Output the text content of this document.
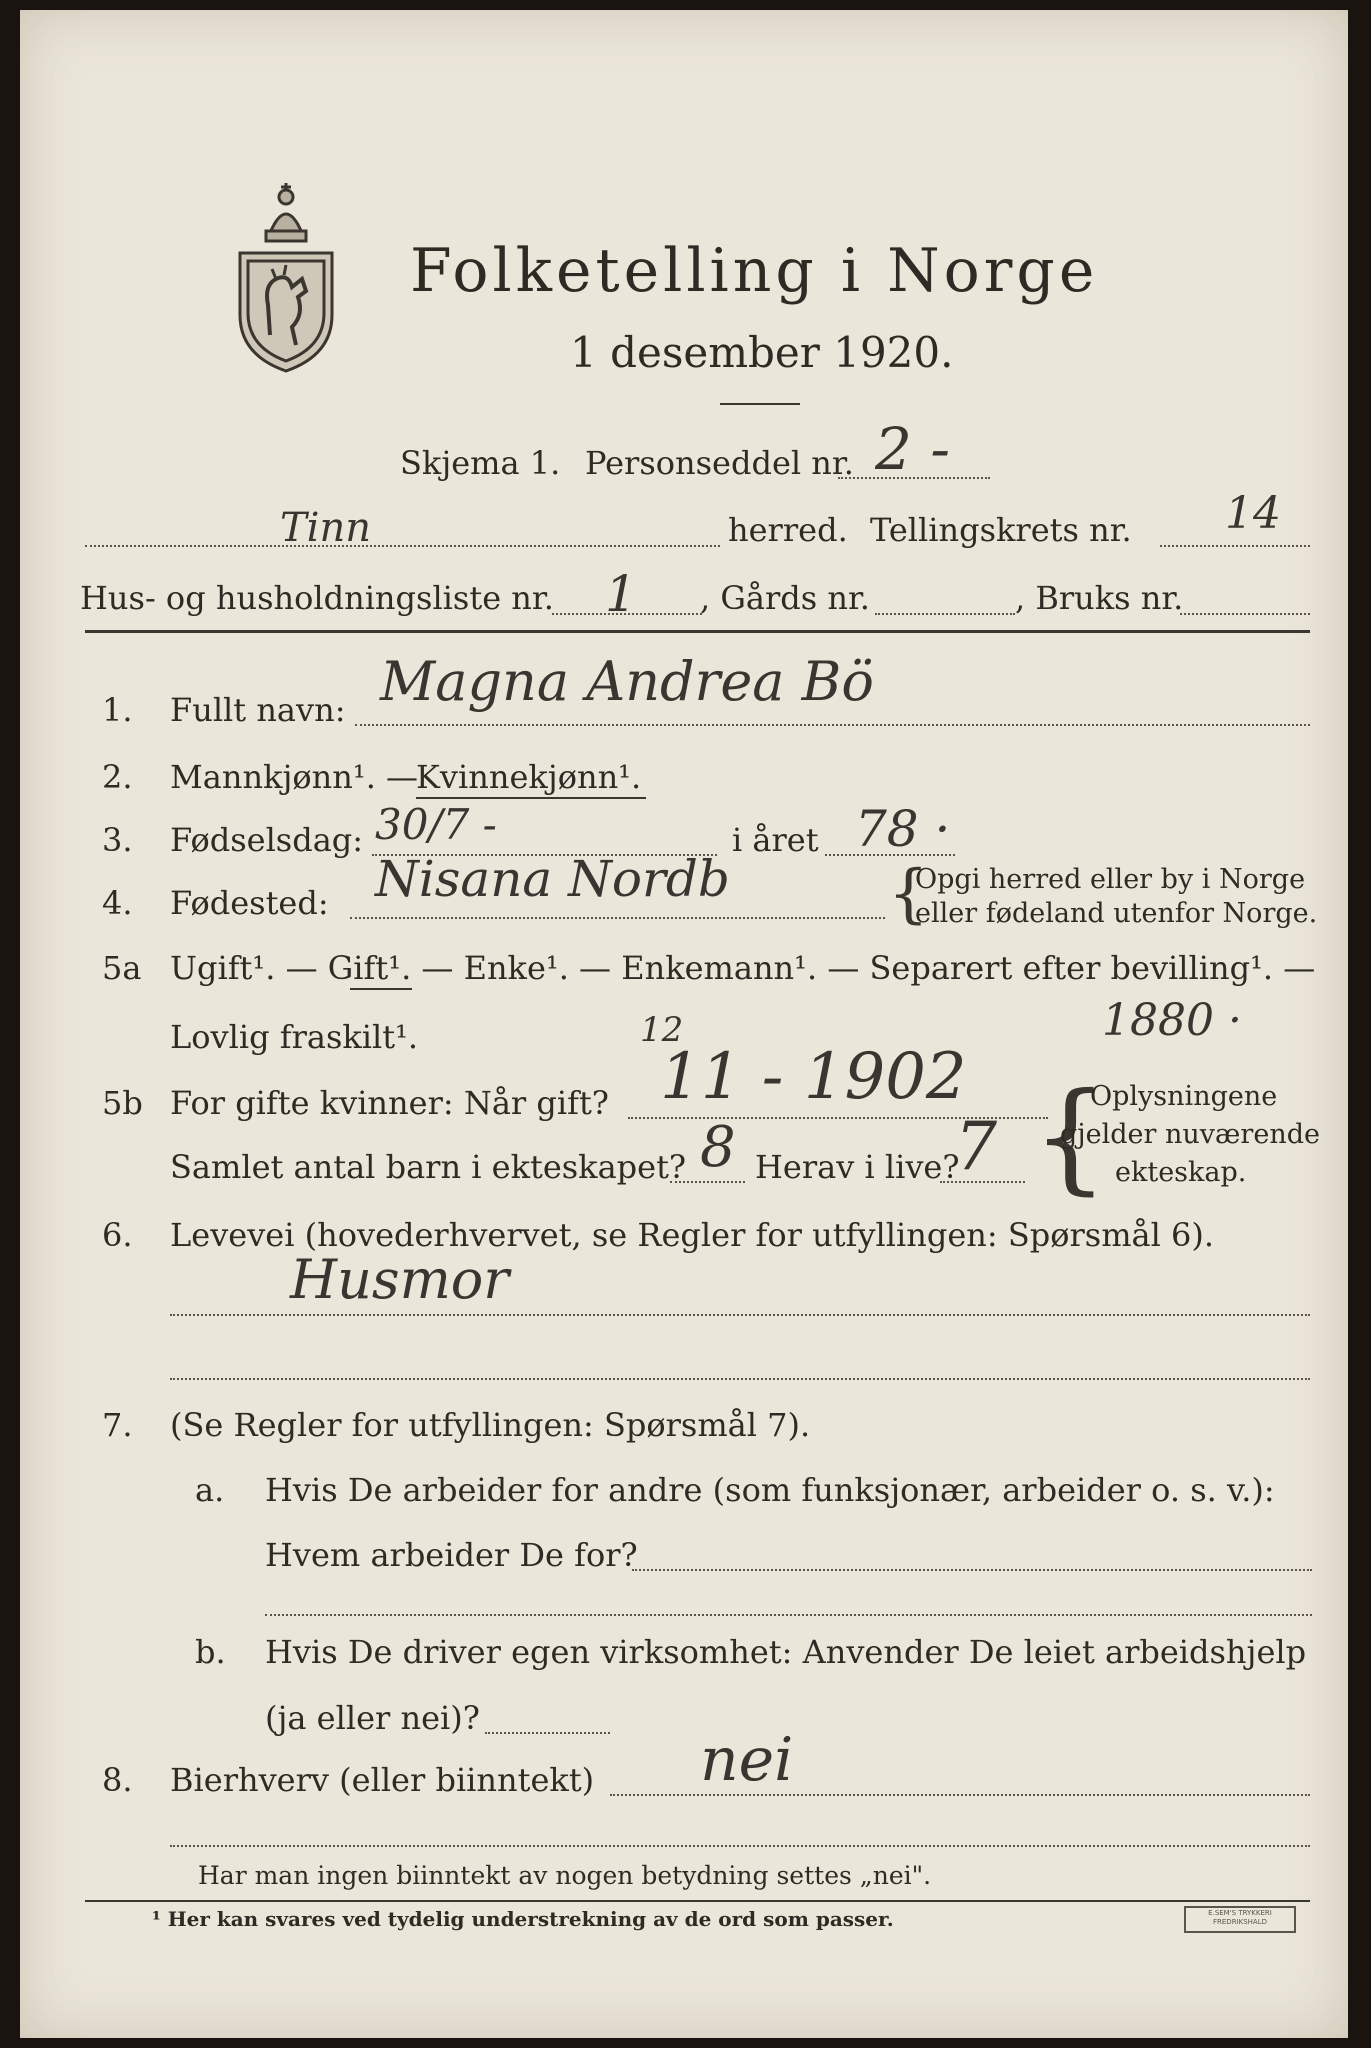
Folketelling i Norge
1 desember 1920.
Skjema 1. Personseddel nr. 2 -
Tinn	herred. Tellingskrets nr. 14
Hus- og husholdningsliste nr. 1 , Gårds nr.	, Bruks nr.
1. Fullt navn: Magna Andrea Bö
2. Mannkjønn¹. —
Kvinnekjønn¹.
3. Fødselsdag: 30/7 -	i året 78 ·
4. Fødested: Nisana Nordb {
Opgi herred eller by i Norge
eller fødeland utenfor Norge.
5a Ugift¹. — Gift¹. — Enke¹. — Enkemann¹. — Separert efter bevilling¹. —
Lovlig fraskilt¹.	1880 ·
5b For gifte kvinner: Når gift?
12
11 - 1902
Samlet antal barn i ekteskapet? 8 Herav i live?
7 {
Oplysningene
gjelder nuværende
ekteskap.
6. Levevei (hovederhvervet, se Regler for utfyllingen: Spørsmål 6).
Husmor
7. (Se Regler for utfyllingen: Spørsmål 7).
a. Hvis De arbeider for andre (som funksjonær, arbeider o. s. v.):
Hvem arbeider De for?
b. Hvis De driver egen virksomhet: Anvender De leiet arbeidshjelp
(ja eller nei)?
8. Bierhverv (eller biinntekt) nei
Har man ingen biinntekt av nogen betydning settes „nei".
¹ Her kan svares ved tydelig understrekning av de ord som passer.	E.SEM'S TRYKKERI FREDRIKSHALD
